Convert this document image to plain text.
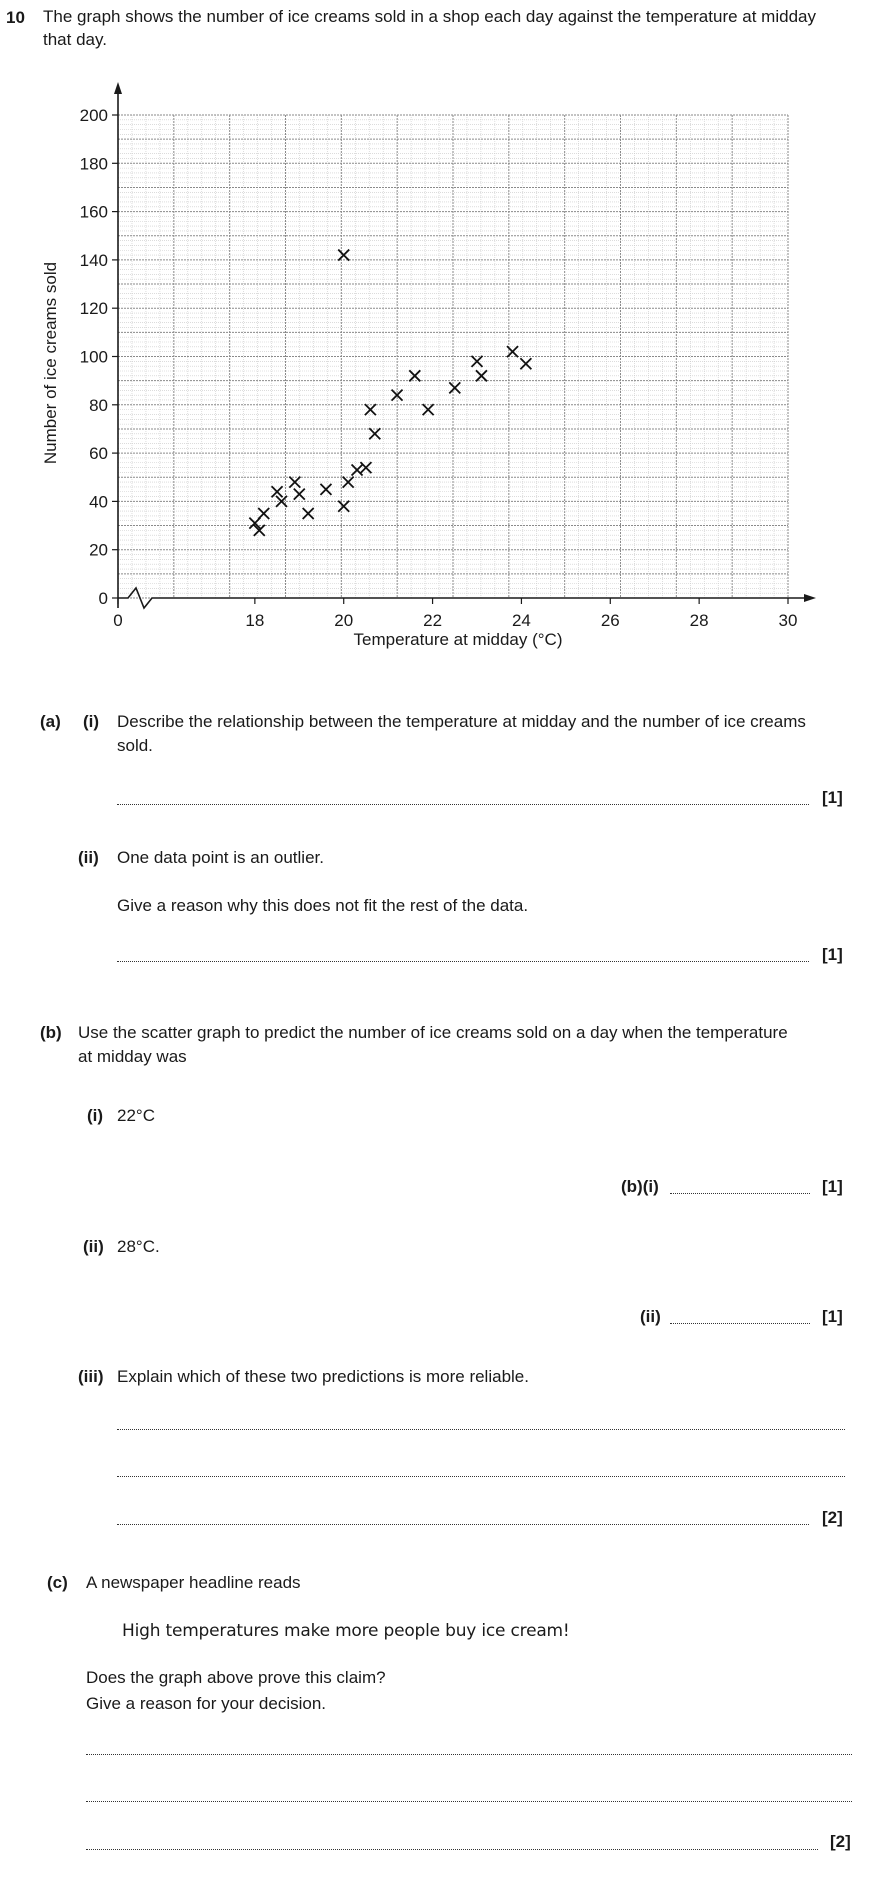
10 The graph shows the number of ice creams sold in a shop each day against the temperature at midday that day.
0
20
40
60
80
100
120
140
160
180
200
0	18	20	22	24	26	28	30
Temperature at midday (°C)
Number of ice creams sold
(a) (i) Describe the relationship between the temperature at midday and the number of ice creams sold.
[1]
(ii) One data point is an outlier.
Give a reason why this does not fit the rest of the data.
[1]
(b) Use the scatter graph to predict the number of ice creams sold on a day when the temperature at midday was
(i) 22°C
(b)(i)	[1]
(ii) 28°C.
(ii)	[1]
(iii) Explain which of these two predictions is more reliable.
[2]
(c) A newspaper headline reads
High temperatures make more people buy ice cream!
Does the graph above prove this claim?
Give a reason for your decision.
[2]
